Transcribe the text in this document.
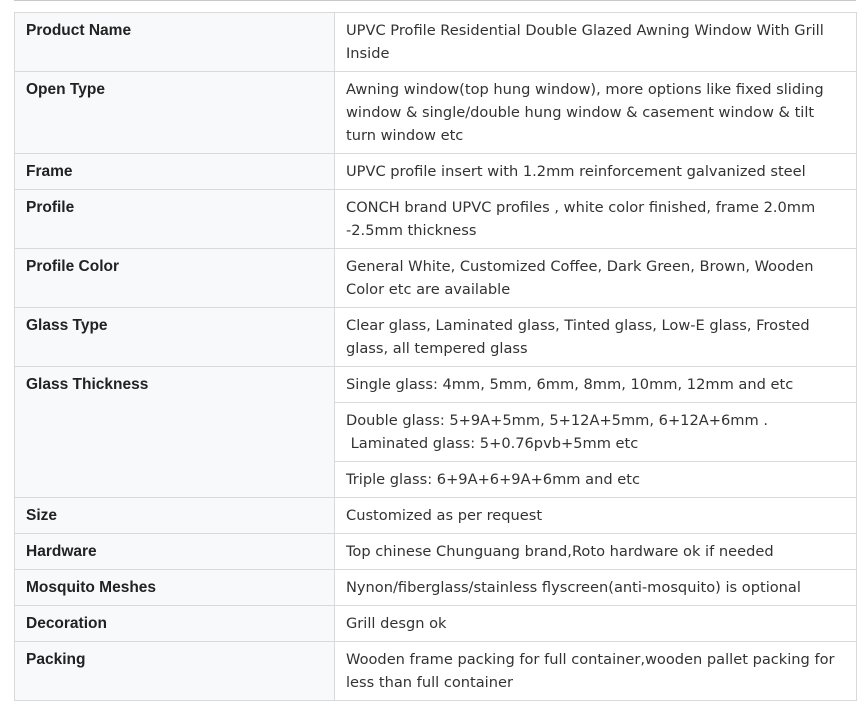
Product Name	UPVC Profile Residential Double Glazed Awning Window With Grill Inside
Open Type	Awning window(top hung window), more options like fixed sliding window & single/double hung window & casement window & tilt turn window etc
Frame	UPVC profile insert with 1.2mm reinforcement galvanized steel
Profile	CONCH brand UPVC profiles , white color finished, frame 2.0mm -2.5mm thickness
Profile Color	General White, Customized Coffee, Dark Green, Brown, Wooden Color etc are available
Glass Type	Clear glass, Laminated glass, Tinted glass, Low-E glass, Frosted glass, all tempered glass
Glass Thickness	Single glass: 4mm, 5mm, 6mm, 8mm, 10mm, 12mm and etc
	Double glass: 5+9A+5mm, 5+12A+5mm, 6+12A+6mm .
Laminated glass: 5+0.76pvb+5mm etc
	Triple glass: 6+9A+6+9A+6mm and etc
Size	Customized as per request
Hardware	Top chinese Chunguang brand,Roto hardware ok if needed
Mosquito Meshes	Nynon/fiberglass/stainless flyscreen(anti-mosquito) is optional
Decoration	Grill desgn ok
Packing	Wooden frame packing for full container,wooden pallet packing for less than full container
